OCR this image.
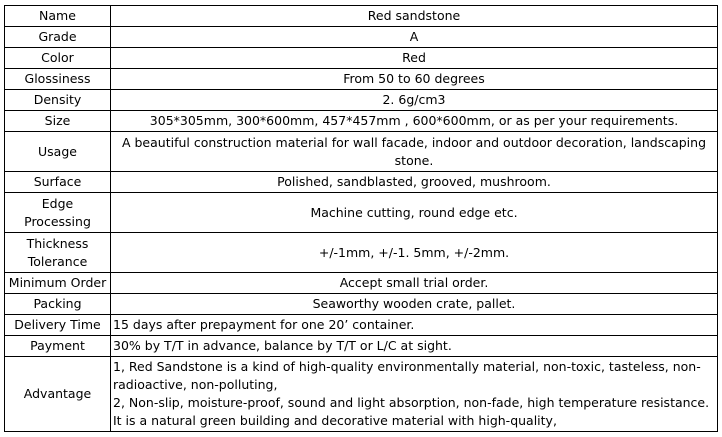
Name	Red sandstone
Grade	A
Color	Red
Glossiness	From 50 to 60 degrees
Density	2. 6g/cm3
Size	305*305mm, 300*600mm, 457*457mm , 600*600mm, or as per your requirements.
Usage	A beautiful construction material for wall facade, indoor and outdoor decoration, landscaping stone.
Surface	Polished, sandblasted, grooved, mushroom.
Edge Processing	Machine cutting, round edge etc.
Thickness Tolerance	+/-1mm, +/-1. 5mm, +/-2mm.
Minimum Order	Accept small trial order.
Packing	Seaworthy wooden crate, pallet.
Delivery Time	15 days after prepayment for one 20’ container.
Payment	30% by T/T in advance, balance by T/T or L/C at sight.
Advantage	1, Red Sandstone is a kind of high-quality environmentally material, non-toxic, tasteless, non-radioactive, non-polluting,
2, Non-slip, moisture-proof, sound and light absorption, non-fade, high temperature resistance. It is a natural green building and decorative material with high-quality,
